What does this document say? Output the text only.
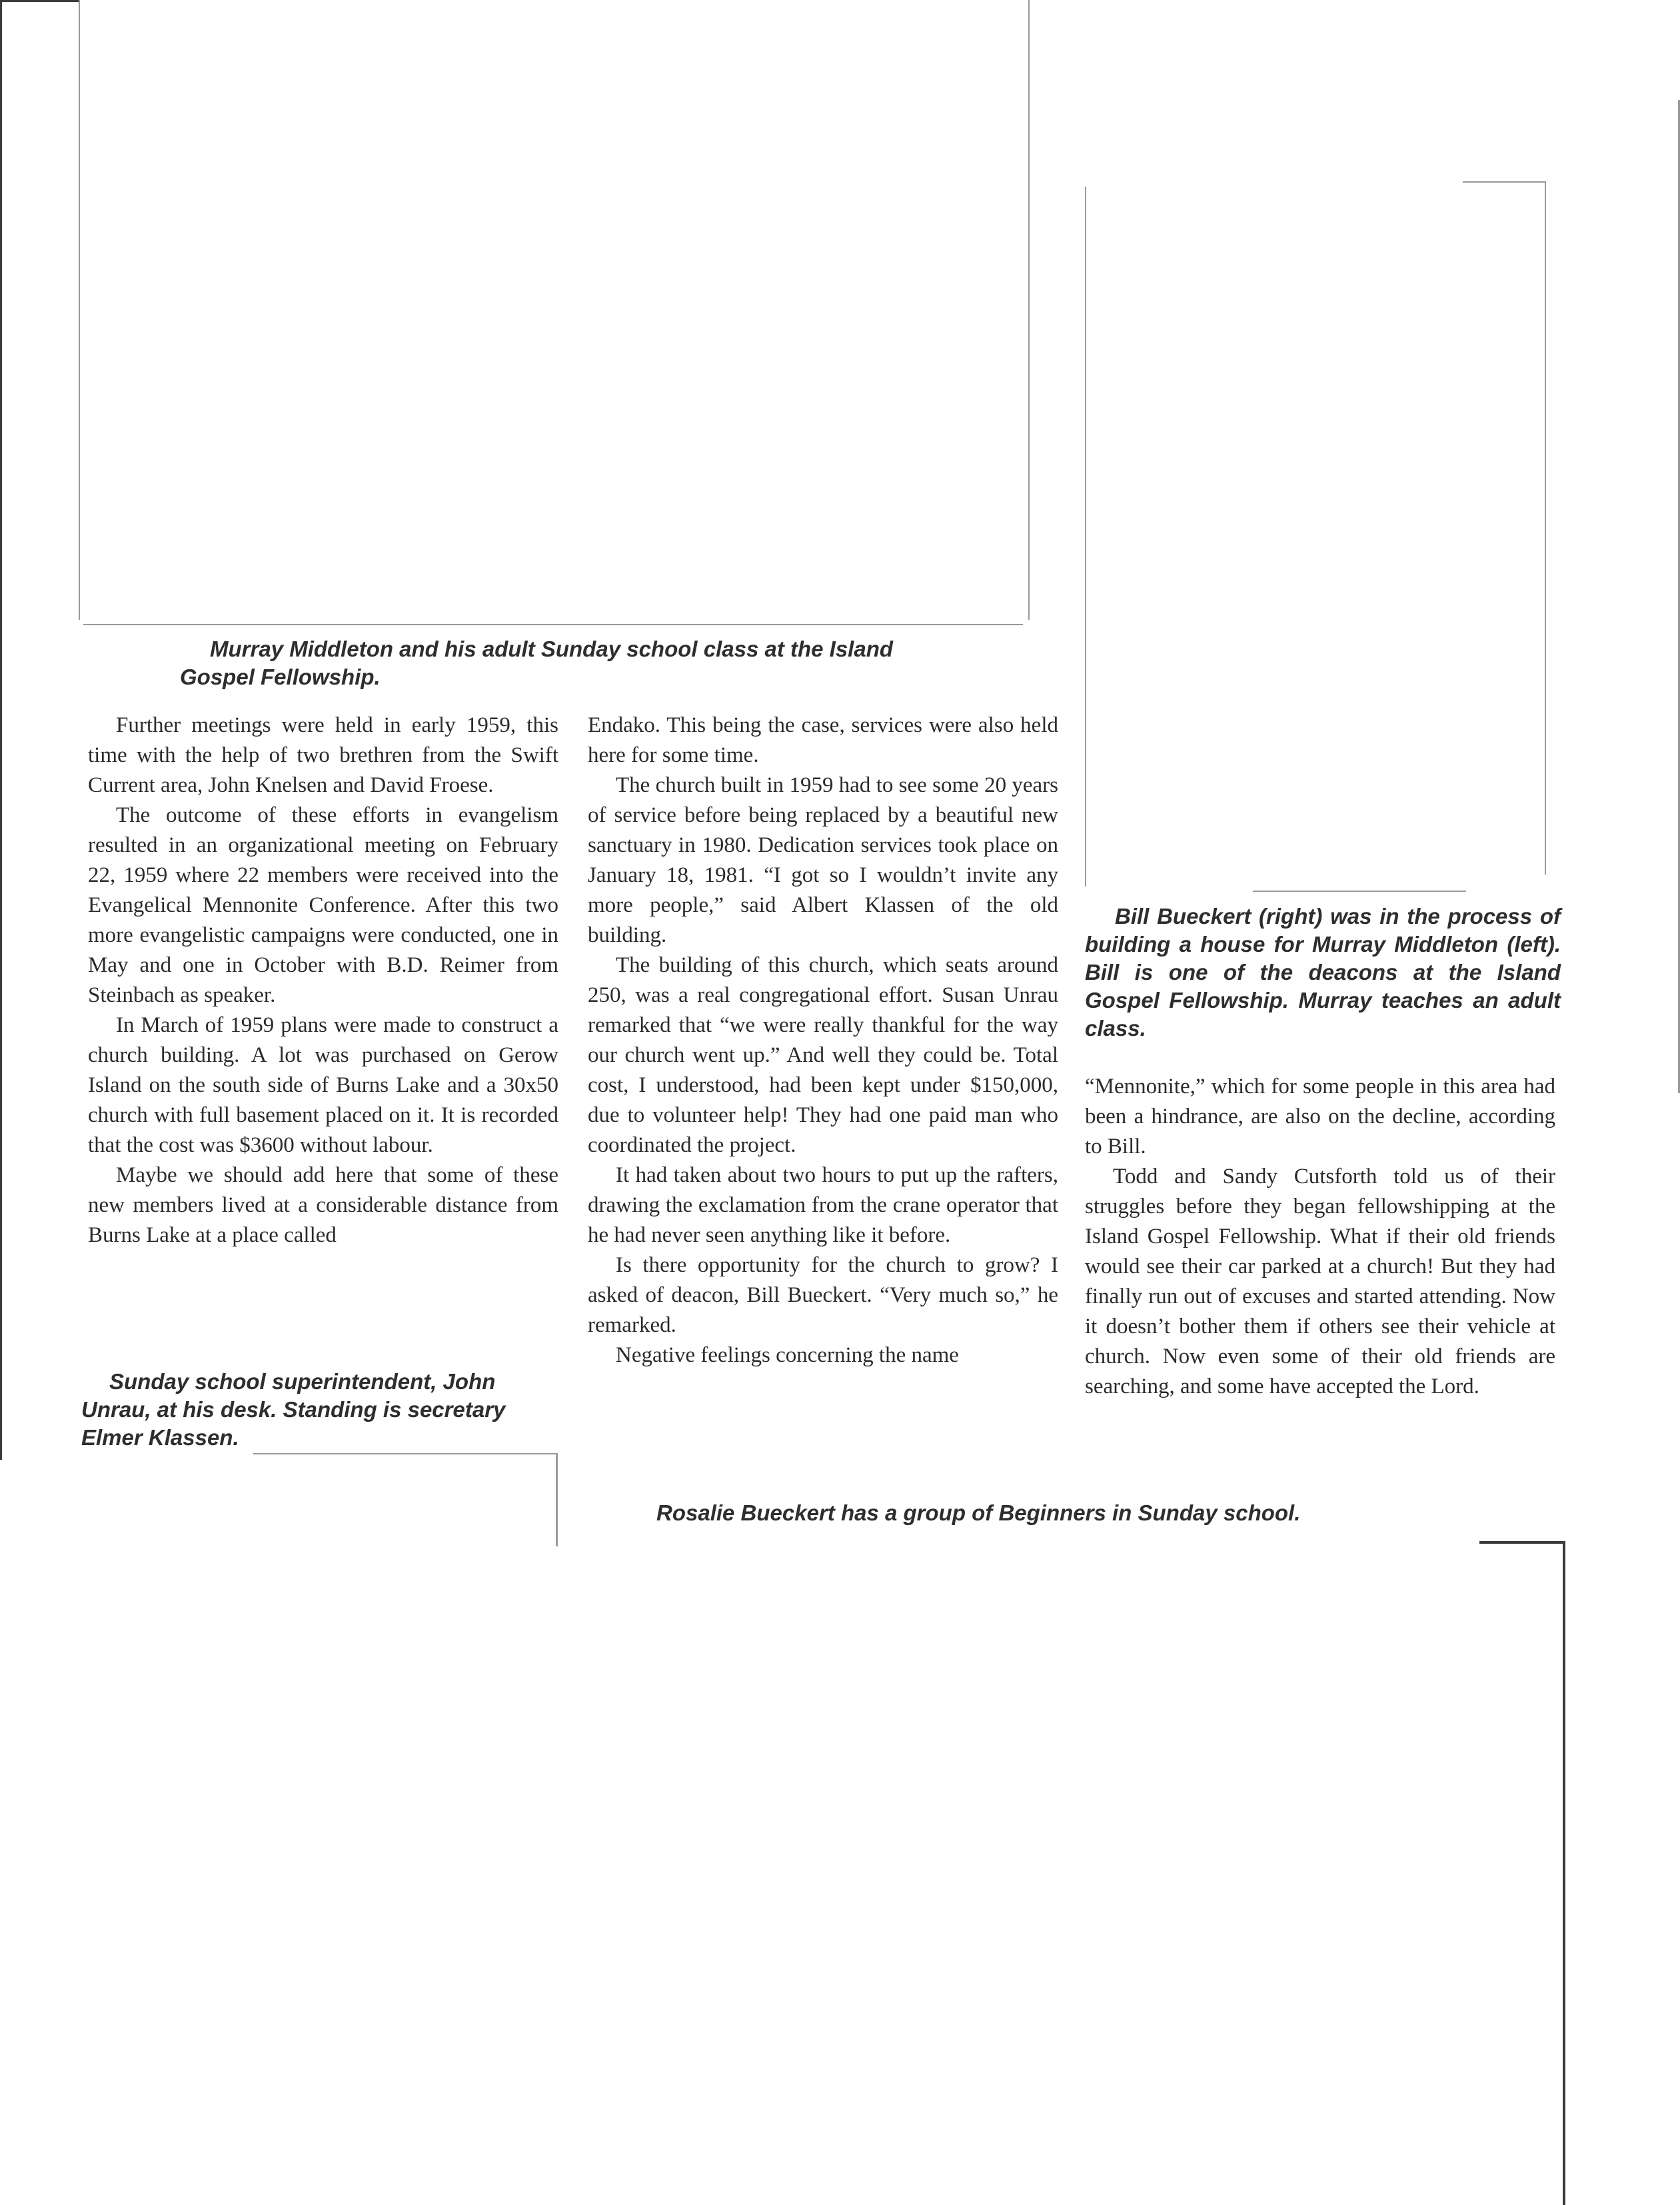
Murray Middleton and his adult Sunday school class at the Island Gospel Fellowship.

Further meetings were held in early 1959, this time with the help of two brethren from the Swift Current area, John Knelsen and David Froese.

The outcome of these efforts in evangelism resulted in an organizational meeting on February 22, 1959 where 22 members were received into the Evangelical Mennonite Conference. After this two more evangelistic campaigns were conducted, one in May and one in October with B.D. Reimer from Steinbach as speaker.

In March of 1959 plans were made to construct a church building. A lot was purchased on Gerow Island on the south side of Burns Lake and a 30x50 church with full basement placed on it. It is recorded that the cost was $3600 without labour.

Maybe we should add here that some of these new members lived at a considerable distance from Burns Lake at a place called

Endako. This being the case, services were also held here for some time.

The church built in 1959 had to see some 20 years of service before being replaced by a beautiful new sanctuary in 1980. Dedication services took place on January 18, 1981. “I got so I wouldn’t invite any more people,” said Albert Klassen of the old building.

The building of this church, which seats around 250, was a real congregational effort. Susan Unrau remarked that “we were really thankful for the way our church went up.” And well they could be. Total cost, I understood, had been kept under $150,000, due to volunteer help! They had one paid man who coordinated the project.

It had taken about two hours to put up the rafters, drawing the exclamation from the crane operator that he had never seen anything like it before.

Is there opportunity for the church to grow? I asked of deacon, Bill Bueckert. “Very much so,” he remarked.

Negative feelings concerning the name

Bill Bueckert (right) was in the process of building a house for Murray Middleton (left). Bill is one of the deacons at the Island Gospel Fellowship. Murray teaches an adult class.

“Mennonite,” which for some people in this area had been a hindrance, are also on the decline, according to Bill.

Todd and Sandy Cutsforth told us of their struggles before they began fellowshipping at the Island Gospel Fellowship. What if their old friends would see their car parked at a church! But they had finally run out of excuses and started attending. Now it doesn’t bother them if others see their vehicle at church. Now even some of their old friends are searching, and some have accepted the Lord.

Sunday school superintendent, John Unrau, at his desk. Standing is secretary Elmer Klassen.
Rosalie Bueckert has a group of Beginners in Sunday school.
